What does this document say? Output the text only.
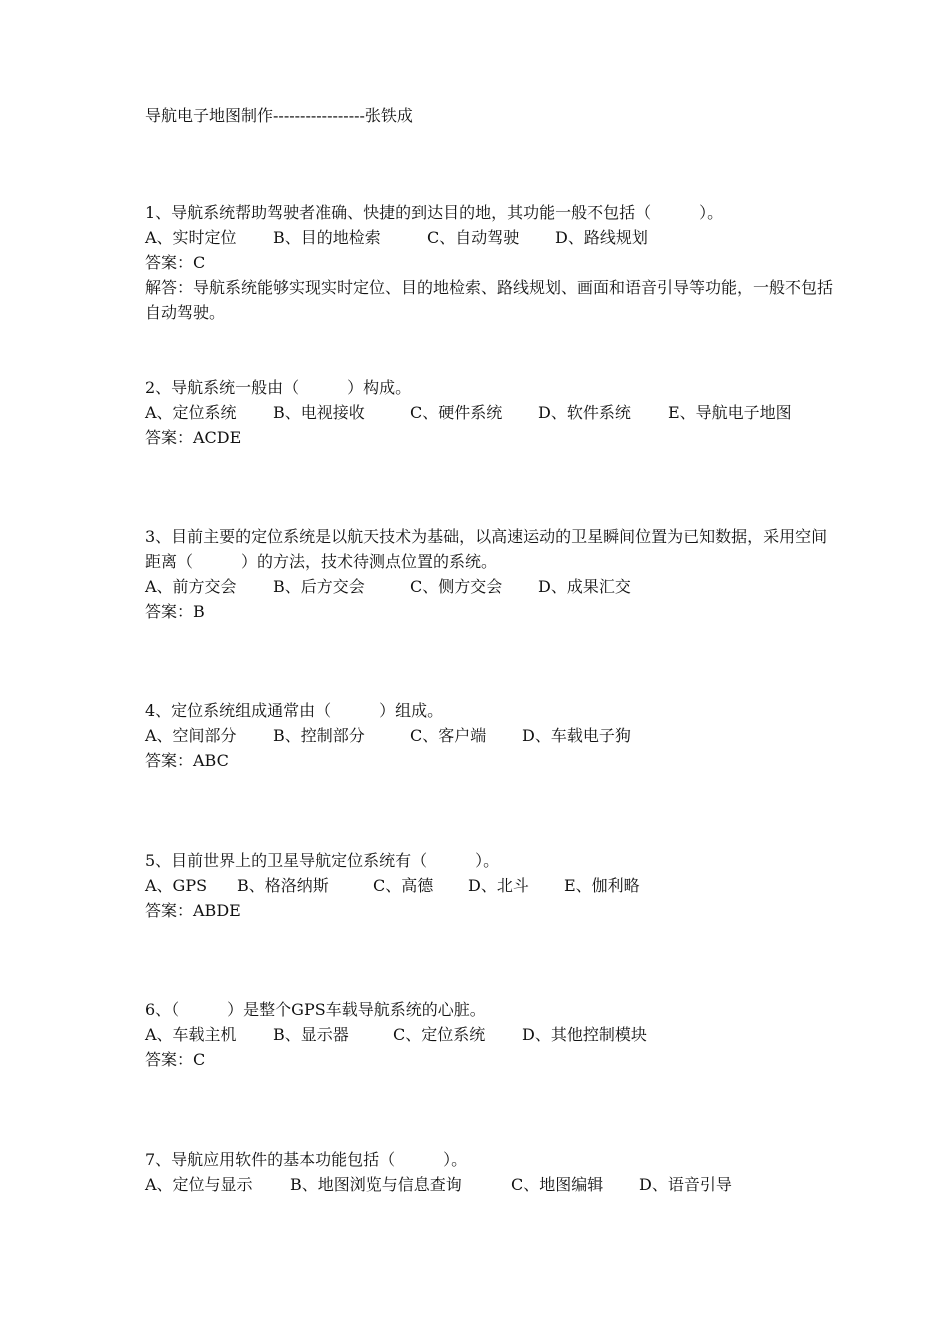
导航电子地图制作-----------------张铁成
1、导航系统帮助驾驶者准确、快捷的到达目的地，其功能一般不包括（　　　）。
A、实时定位	B、目的地检索	C、自动驾驶	D、路线规划
答案：C
解答：导航系统能够实现实时定位、目的地检索、路线规划、画面和语音引导等功能，一般不包括自动驾驶。
2、导航系统一般由（　　　）构成。
A、定位系统	B、电视接收	C、硬件系统	D、软件系统	E、导航电子地图
答案：ACDE
3、目前主要的定位系统是以航天技术为基础，以高速运动的卫星瞬间位置为已知数据，采用空间距离（　　　）的方法，技术待测点位置的系统。
A、前方交会	B、后方交会	C、侧方交会	D、成果汇交
答案：B
4、定位系统组成通常由（　　　）组成。
A、空间部分	B、控制部分	C、客户端	D、车载电子狗
答案：ABC
5、目前世界上的卫星导航定位系统有（　　　）。
A、GPS	B、格洛纳斯	C、高德	D、北斗	E、伽利略
答案：ABDE
6、（　　　）是整个GPS车载导航系统的心脏。
A、车载主机	B、显示器	C、定位系统	D、其他控制模块
答案：C
7、导航应用软件的基本功能包括（　　　）。
A、定位与显示	B、地图浏览与信息查询	C、地图编辑	D、语音引导
